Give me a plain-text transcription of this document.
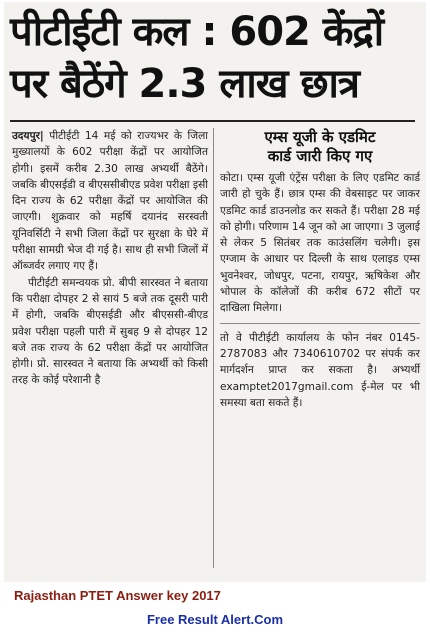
पीटीईटी कल : 602 केंद्रों
पर बैठेंगे 2.3 लाख छात्र

उदयपुर| पीटीईटी 14 मई को राज्यभर के जिला मुख्यालयों के 602 परीक्षा केंद्रों पर आयोजित होगी। इसमें करीब 2.30 लाख अभ्यर्थी बैठेंगे। जबकि बीएसईडी व बीएससीबीएड प्रवेश परीक्षा इसी दिन राज्य के 62 परीक्षा केंद्रों पर आयोजित की जाएगी। शुक्रवार को महर्षि दयानंद सरस्वती यूनिवर्सिटी ने सभी जिला केंद्रों पर सुरक्षा के घेरे में परीक्षा सामग्री भेज दी गई है। साथ ही सभी जिलों में ऑब्जर्वर लगाए गए हैं।

पीटीईटी समन्वयक प्रो. बीपी सारस्वत ने बताया कि परीक्षा दोपहर 2 से सायं 5 बजे तक दूसरी पारी में होगी, जबकि बीएसईडी और बीएससी-बीएड प्रवेश परीक्षा पहली पारी में सुबह 9 से दोपहर 12 बजे तक राज्य के 62 परीक्षा केंद्रों पर आयोजित होगी। प्रो. सारस्वत ने बताया कि अभ्यर्थी को किसी तरह के कोई परेशानी है

एम्स यूजी के एडमिट
कार्ड जारी किए गए
कोटा। एम्स यूजी एंट्रेंस परीक्षा के लिए एडमिट कार्ड जारी हो चुके हैं। छात्र एम्स की वेबसाइट पर जाकर एडमिट कार्ड डाउनलोड कर सकते हैं। परीक्षा 28 मई को होगी। परिणाम 14 जून को आ जाएगा। 3 जुलाई से लेकर 5 सितंबर तक काउंसलिंग चलेगी। इस एग्जाम के आधार पर दिल्ली के साथ एलाइड एम्स भुवनेश्वर, जोधपुर, पटना, रायपुर, ऋषिकेश और भोपाल के कॉलेजों की करीब 672 सीटों पर दाखिला मिलेगा।
तो वे पीटीईटी कार्यालय के फोन नंबर 0145-2787083 और 7340610702 पर संपर्क कर मार्गदर्शन प्राप्त कर सकता है। अभ्यर्थी examptet2017gmail.com ई-मेल पर भी समस्या बता सकते हैं।
Rajasthan PTET Answer key 2017
Free Result Alert.Com
